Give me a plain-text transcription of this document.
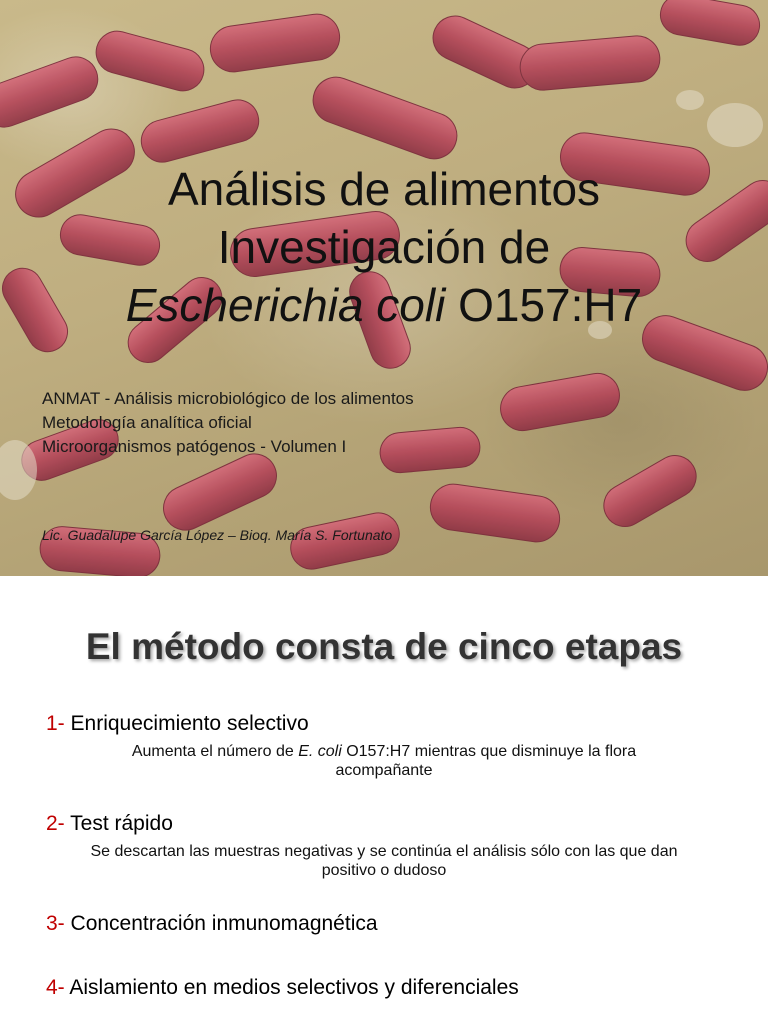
Análisis de alimentos
Investigación de
Escherichia coli O157:H7
ANMAT - Análisis microbiológico de los alimentos
Metodología analítica oficial
Microorganismos patógenos - Volumen I
Lic. Guadalupe García López – Bioq. María S. Fortunato
El método consta de cinco etapas
1- Enriquecimiento selectivo
Aumenta el número de E. coli O157:H7 mientras que disminuye la flora
acompañante
2- Test rápido
Se descartan las muestras negativas y se continúa el análisis sólo con las que dan
positivo o dudoso
3- Concentración inmunomagnética
4- Aislamiento en medios selectivos y diferenciales
